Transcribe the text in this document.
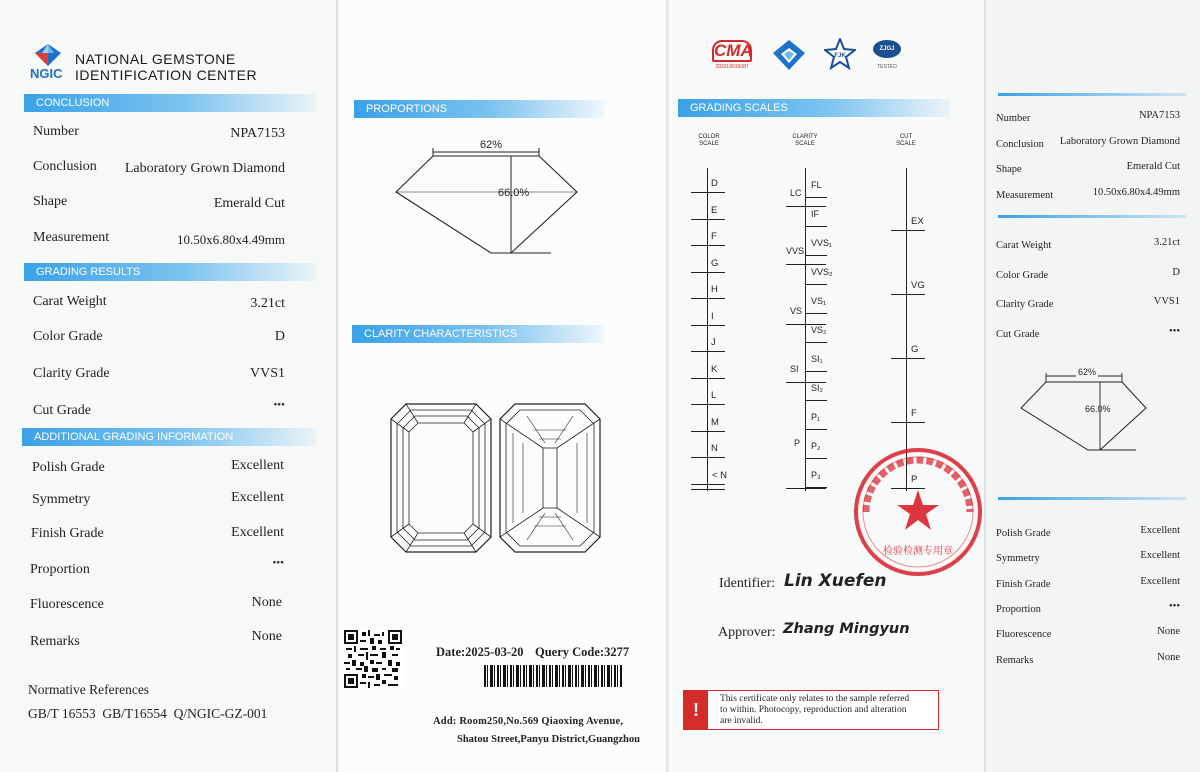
NGIC
NATIONAL GEMSTONE
IDENTIFICATION CENTER
CONCLUSION
Number	NPA7153
Conclusion Laboratory Grown Diamond
Shape	Emerald Cut
Measurement	10.50x6.80x4.49mm
GRADING RESULTS
Carat Weight	3.21ct
Color Grade	D
Clarity Grade	VVS1
Cut Grade	•••
ADDITIONAL GRADING INFORMATION
Polish Grade	Excellent
Symmetry	Excellent
Finish Grade	Excellent
Proportion	•••
Fluorescence	None
Remarks	None
Normative References
GB/T 16553  GB/T16554  Q/NGIC-GZ-001
PROPORTIONS
62%
66.0%
CLARITY CHARACTERISTICS
Date:2025-03-20 Query Code:3277
Add: Room250,No.569 Qiaoxing Avenue,
Shatou Street,Panyu District,Guangzhou
CMA
202019015087
FJK
ZJGJ
TESTED
GRADING SCALES
COLOR
SCALE
CLARITY
SCALE
CUT
SCALE
检验检测专用章
Identifier: Lin Xuefen
Approver: Zhang Mingyun
!
This certificate only relates to the sample referred
to within. Photocopy, reproduction and alteration
are invalid.
D
E
F
G
H
I
J
K
L
M
N
< N
FL
IF
VVS₁
VVS₂
VS₁
VS₂
SI₁
SI₂
P₁
P₂
P₃
LC
VVS
VS
SI
P
EX
VG
G
F
P
62%
66.0%
Number	NPA7153
Conclusion Laboratory Grown Diamond
Shape	Emerald Cut
Measurement	10.50x6.80x4.49mm
Carat Weight	3.21ct
Color Grade	D
Clarity Grade	VVS1
Cut Grade	•••
Polish Grade	Excellent
Symmetry	Excellent
Finish Grade	Excellent
Proportion	•••
Fluorescence	None
Remarks	None
